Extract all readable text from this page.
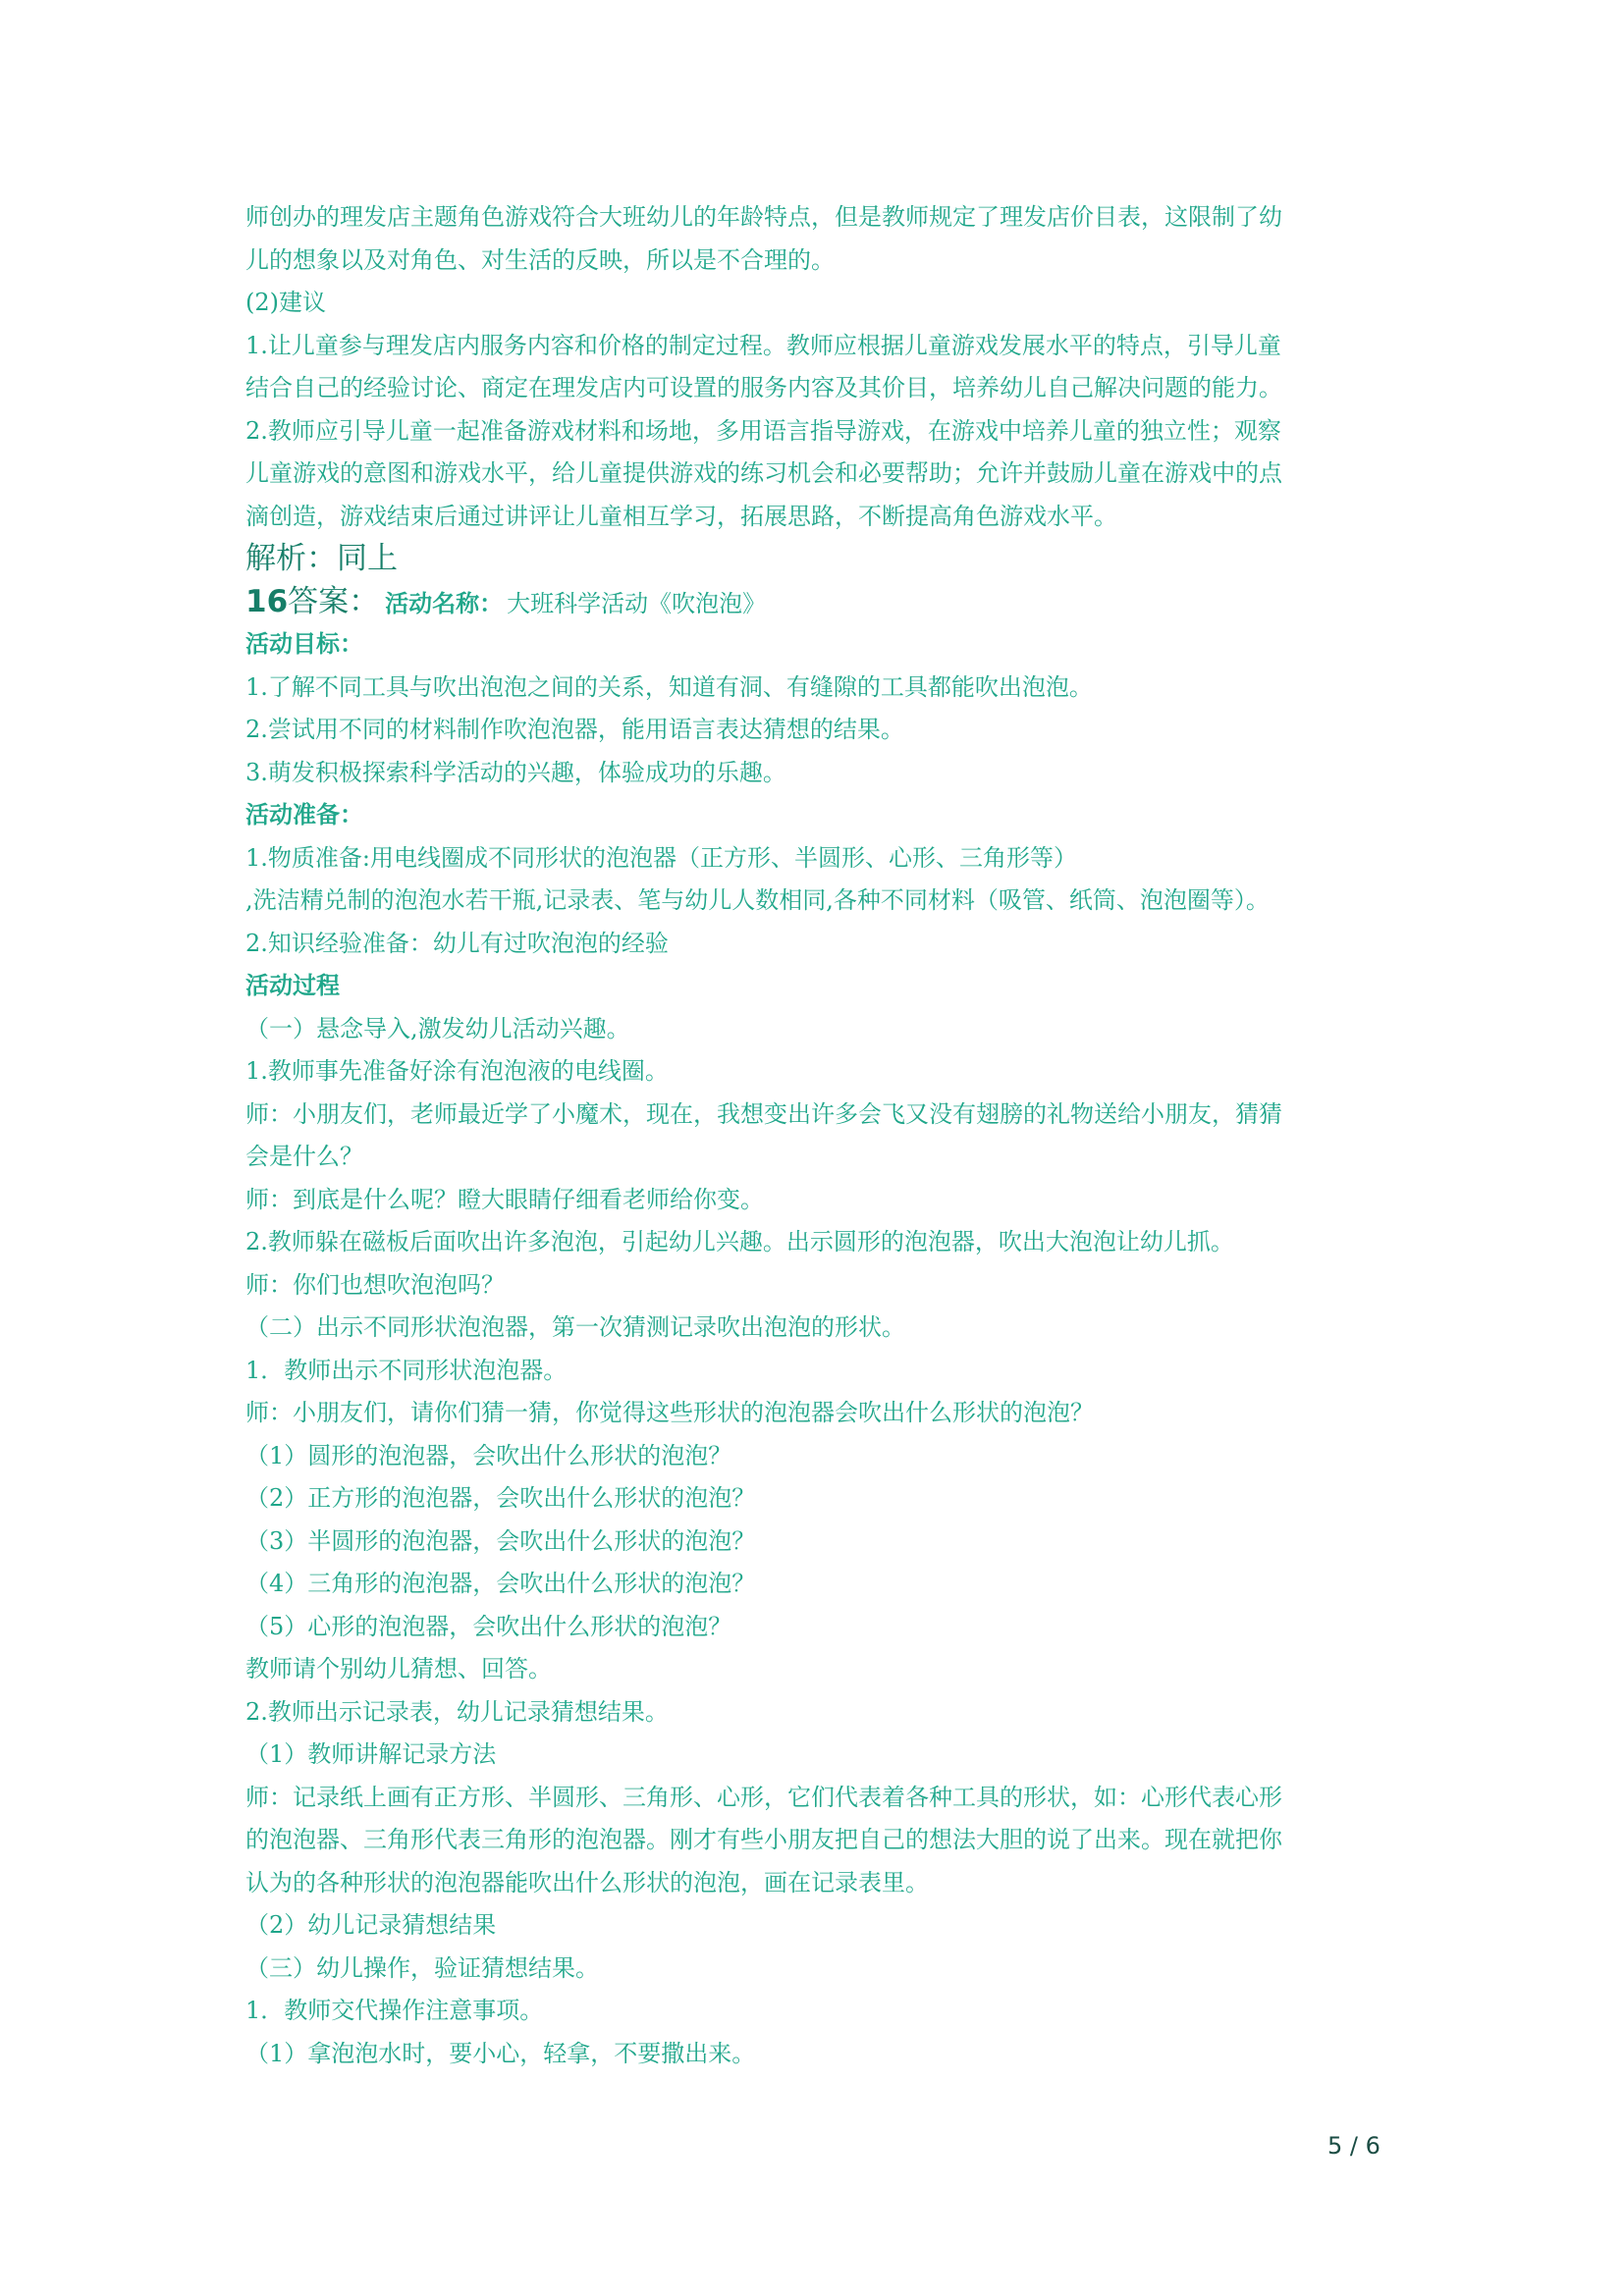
师创办的理发店主题角色游戏符合大班幼儿的年龄特点，但是教师规定了理发店价目表，这限制了幼
儿的想象以及对角色、对生活的反映，所以是不合理的。
(2)建议
1.让儿童参与理发店内服务内容和价格的制定过程。教师应根据儿童游戏发展水平的特点，引导儿童
结合自己的经验讨论、商定在理发店内可设置的服务内容及其价目，培养幼儿自己解决问题的能力。
2.教师应引导儿童一起准备游戏材料和场地，多用语言指导游戏，在游戏中培养儿童的独立性；观察
儿童游戏的意图和游戏水平，给儿童提供游戏的练习机会和必要帮助；允许并鼓励儿童在游戏中的点
滴创造，游戏结束后通过讲评让儿童相互学习，拓展思路，不断提高角色游戏水平。
解析：同上
16 答案： 活动名称： 大班科学活动《吹泡泡》
活动目标：
1.了解不同工具与吹出泡泡之间的关系，知道有洞、有缝隙的工具都能吹出泡泡。
2.尝试用不同的材料制作吹泡泡器，能用语言表达猜想的结果。
3.萌发积极探索科学活动的兴趣，体验成功的乐趣。
活动准备：
1.物质准备:用电线圈成不同形状的泡泡器（正方形、半圆形、心形、三角形等）
,洗洁精兑制的泡泡水若干瓶,记录表、笔与幼儿人数相同,各种不同材料（吸管、纸筒、泡泡圈等）。
2.知识经验准备：幼儿有过吹泡泡的经验
活动过程
（一）悬念导入,激发幼儿活动兴趣。
1.教师事先准备好涂有泡泡液的电线圈。
师：小朋友们，老师最近学了小魔术，现在，我想变出许多会飞又没有翅膀的礼物送给小朋友，猜猜
会是什么？
师：到底是什么呢？瞪大眼睛仔细看老师给你变。
2.教师躲在磁板后面吹出许多泡泡，引起幼儿兴趣。出示圆形的泡泡器，吹出大泡泡让幼儿抓。
师：你们也想吹泡泡吗？
（二）出示不同形状泡泡器，第一次猜测记录吹出泡泡的形状。
1．教师出示不同形状泡泡器。
师：小朋友们，请你们猜一猜，你觉得这些形状的泡泡器会吹出什么形状的泡泡？
（1）圆形的泡泡器，会吹出什么形状的泡泡？
（2）正方形的泡泡器，会吹出什么形状的泡泡？
（3）半圆形的泡泡器，会吹出什么形状的泡泡？
（4）三角形的泡泡器，会吹出什么形状的泡泡？
（5）心形的泡泡器，会吹出什么形状的泡泡？
教师请个别幼儿猜想、回答。
2.教师出示记录表，幼儿记录猜想结果。
（1）教师讲解记录方法
师：记录纸上画有正方形、半圆形、三角形、心形，它们代表着各种工具的形状，如：心形代表心形
的泡泡器、三角形代表三角形的泡泡器。刚才有些小朋友把自己的想法大胆的说了出来。现在就把你
认为的各种形状的泡泡器能吹出什么形状的泡泡，画在记录表里。
（2）幼儿记录猜想结果
（三）幼儿操作，验证猜想结果。
1．教师交代操作注意事项。
（1）拿泡泡水时，要小心，轻拿，不要撒出来。
5 / 6
